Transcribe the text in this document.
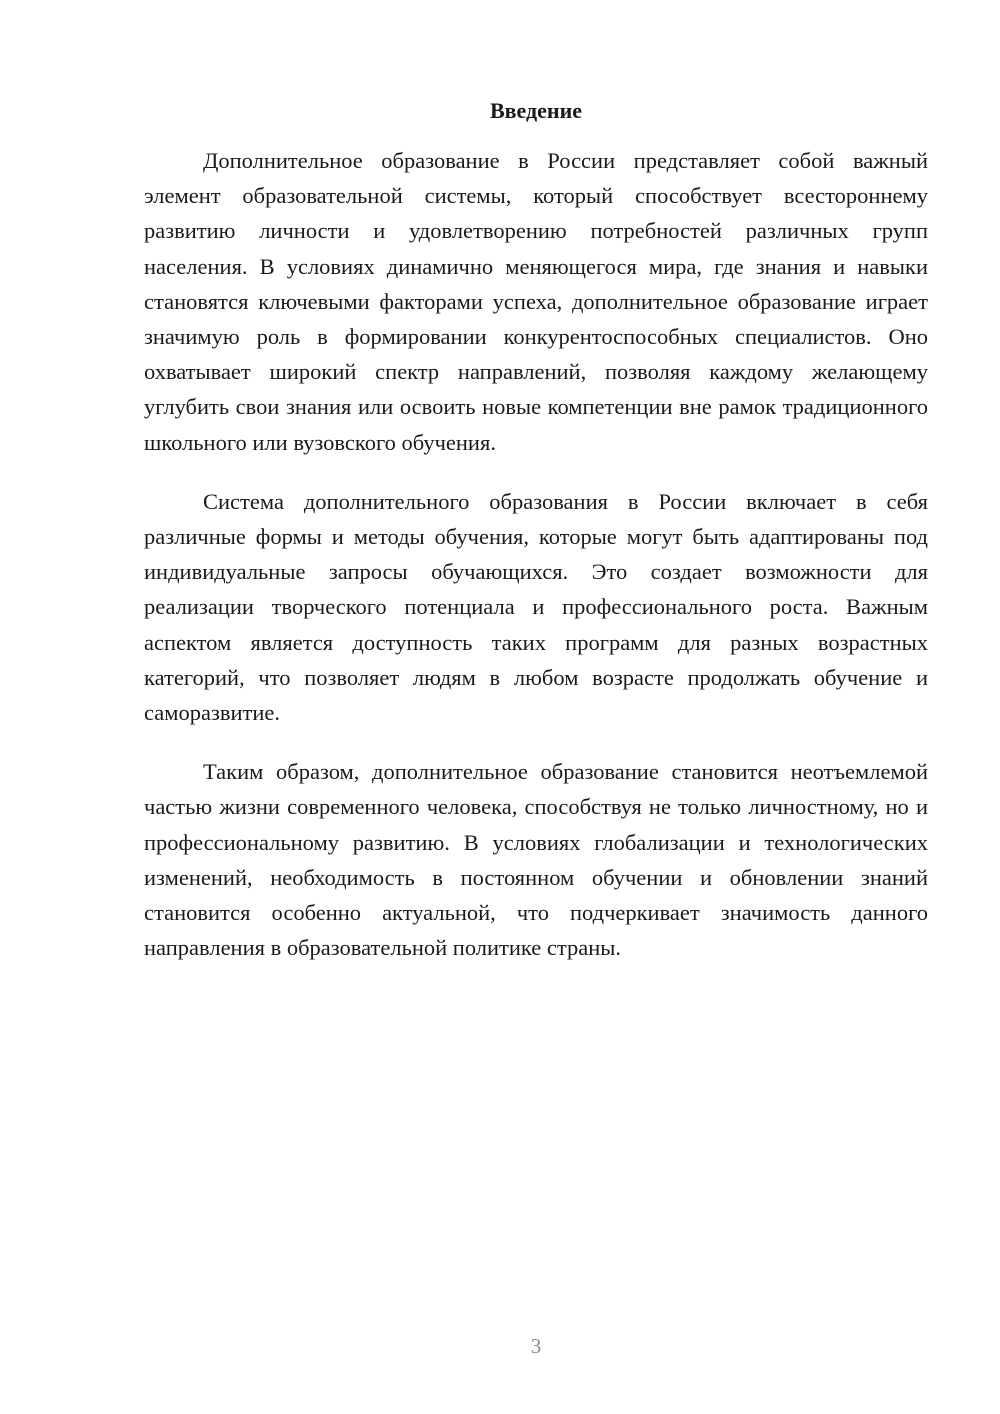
Введение

Дополнительное образование в России представляет собой важный элемент образовательной системы, который способствует всестороннему развитию личности и удовлетворению потребностей различных групп населения. В условиях динамично меняющегося мира, где знания и навыки становятся ключевыми факторами успеха, дополнительное образование играет значимую роль в формировании конкурентоспособных специалистов. Оно охватывает широкий спектр направлений, позволяя каждому желающему углубить свои знания или освоить новые компетенции вне рамок традиционного школьного или вузовского обучения.

Система дополнительного образования в России включает в себя различные формы и методы обучения, которые могут быть адаптированы под индивидуальные запросы обучающихся. Это создает возможности для реализации творческого потенциала и профессионального роста. Важным аспектом является доступность таких программ для разных возрастных категорий, что позволяет людям в любом возрасте продолжать обучение и саморазвитие.

Таким образом, дополнительное образование становится неотъемлемой частью жизни современного человека, способствуя не только личностному, но и профессиональному развитию. В условиях глобализации и технологических изменений, необходимость в постоянном обучении и обновлении знаний становится особенно актуальной, что подчеркивает значимость данного направления в образовательной политике страны.

3
